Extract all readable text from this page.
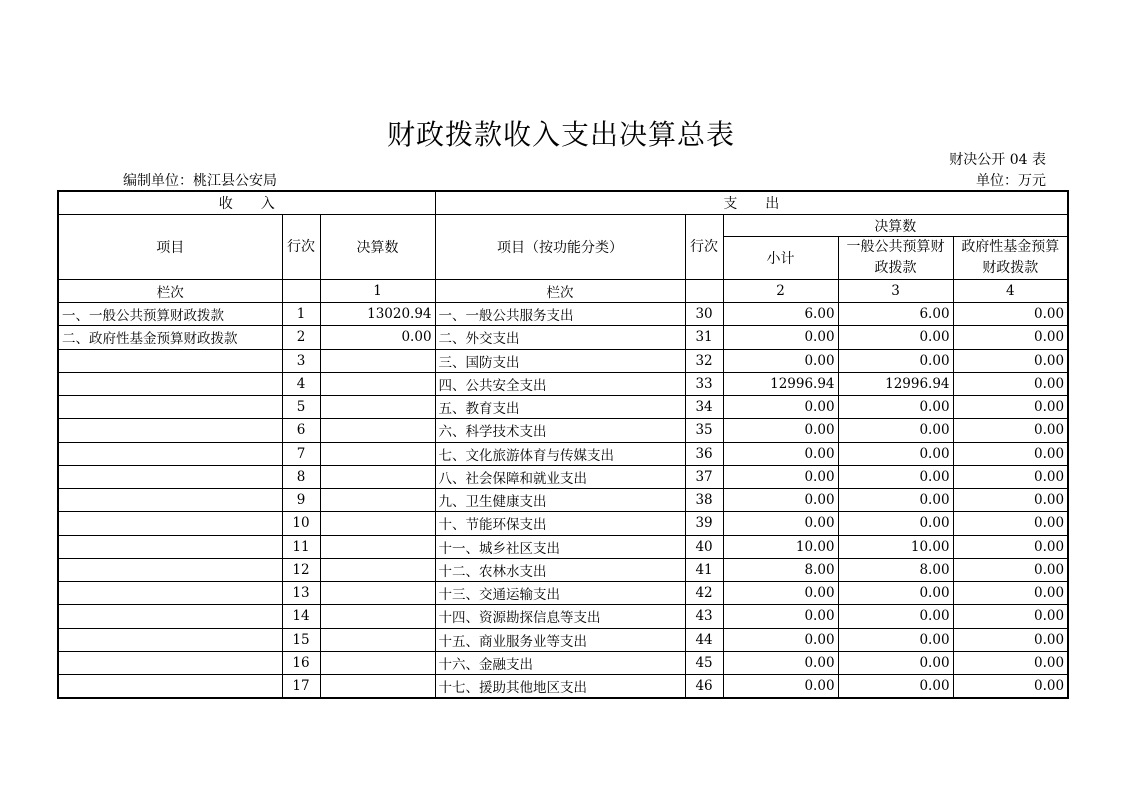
财政拨款收入支出决算总表
财决公开 04 表
编制单位：桃江县公安局	单位：万元
收　　入			支　　出				
项目	行次	决算数	项目（按功能分类）	行次	决算数		
					小计	一般公共预算财政拨款	政府性基金预算财政拨款
栏次		1	栏次		2	3	4
一、一般公共预算财政拨款	1	13020.94	一、一般公共服务支出	30	6.00	6.00	0.00
二、政府性基金预算财政拨款	2	0.00	二、外交支出	31	0.00	0.00	0.00
	3		三、国防支出	32	0.00	0.00	0.00
	4		四、公共安全支出	33	12996.94	12996.94	0.00
	5		五、教育支出	34	0.00	0.00	0.00
	6		六、科学技术支出	35	0.00	0.00	0.00
	7		七、文化旅游体育与传媒支出	36	0.00	0.00	0.00
	8		八、社会保障和就业支出	37	0.00	0.00	0.00
	9		九、卫生健康支出	38	0.00	0.00	0.00
	10		十、节能环保支出	39	0.00	0.00	0.00
	11		十一、城乡社区支出	40	10.00	10.00	0.00
	12		十二、农林水支出	41	8.00	8.00	0.00
	13		十三、交通运输支出	42	0.00	0.00	0.00
	14		十四、资源勘探信息等支出	43	0.00	0.00	0.00
	15		十五、商业服务业等支出	44	0.00	0.00	0.00
	16		十六、金融支出	45	0.00	0.00	0.00
	17		十七、援助其他地区支出	46	0.00	0.00	0.00
